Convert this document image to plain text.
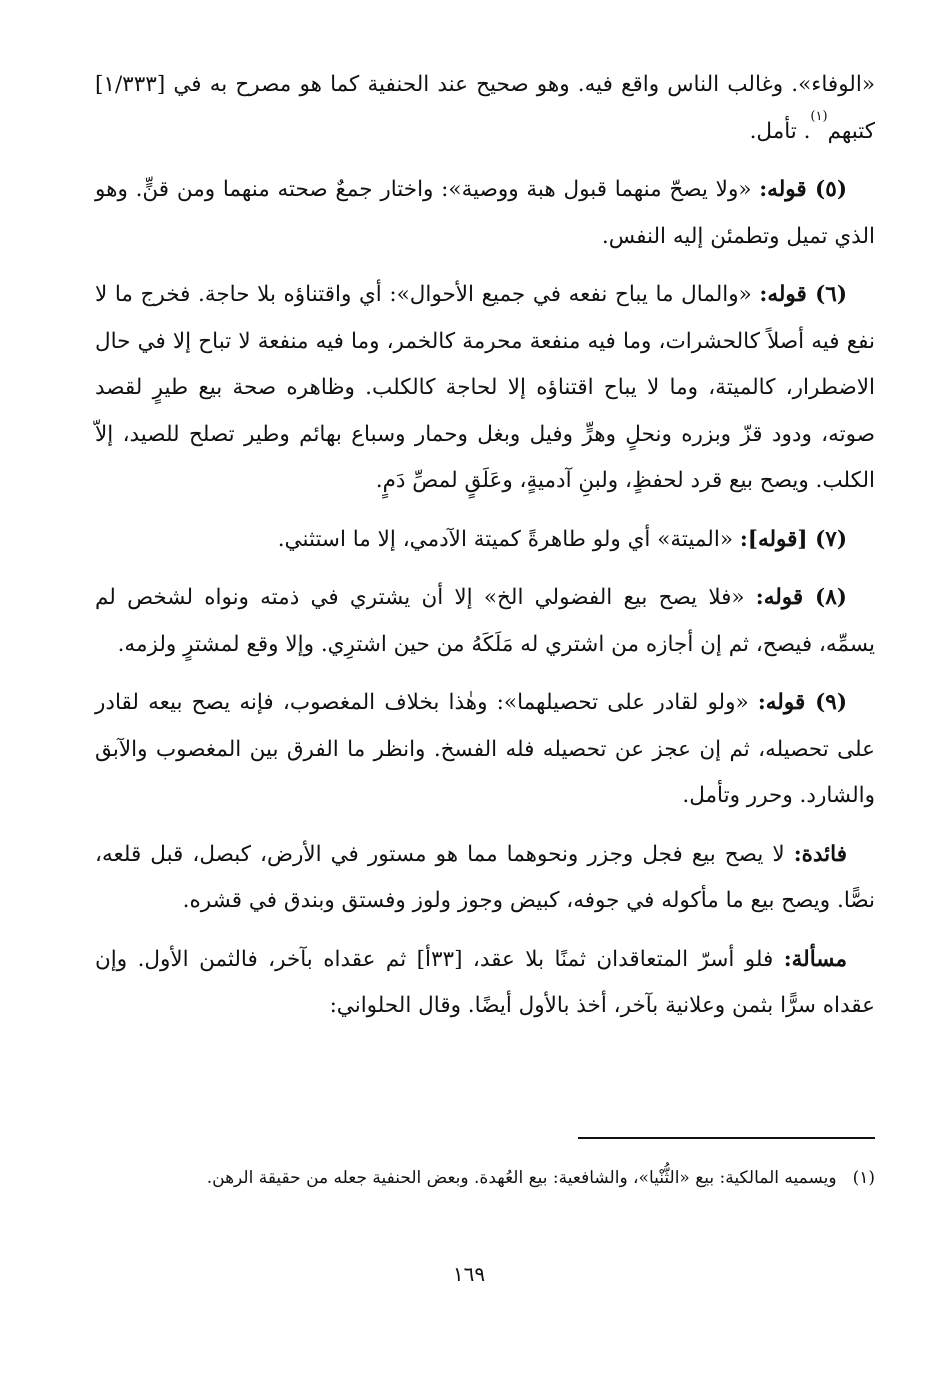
«الوفاء». وغالب الناس واقع فيه. وهو صحيح عند الحنفية كما هو مصرح به في [١/٣٣٣] كتبهم$^{(١)}$. تأمل.

(٥) قوله: «ولا يصحّ منهما قبول هبة ووصية»: واختار جمعٌ صحته منهما ومن قنٍّ. وهو الذي تميل وتطمئن إليه النفس.

(٦) قوله: «والمال ما يباح نفعه في جميع الأحوال»: أي واقتناؤه بلا حاجة. فخرج ما لا نفع فيه أصلاً كالحشرات، وما فيه منفعة محرمة كالخمر، وما فيه منفعة لا تباح إلا في حال الاضطرار، كالميتة، وما لا يباح اقتناؤه إلا لحاجة كالكلب. وظاهره صحة بيع طيرٍ لقصد صوته، ودود قزّ وبزره ونحلٍ وهرٍّ وفيل وبغل وحمار وسباع بهائم وطير تصلح للصيد، إلاّ الكلب. ويصح بيع قرد لحفظٍ، ولبنِ آدميةٍ، وعَلَقٍ لمصِّ دَمٍ.

(٧) [قوله]: «الميتة» أي ولو طاهرةً كميتة الآدمي، إلا ما استثني.

(٨) قوله: «فلا يصح بيع الفضولي الخ» إلا أن يشتري في ذمته ونواه لشخص لم يسمِّه، فيصح، ثم إن أجازه من اشتري له مَلَكَهُ من حين اشترِي. وإلا وقع لمشترٍ ولزمه.

(٩) قوله: «ولو لقادر على تحصيلهما»: وهٰذا بخلاف المغصوب، فإنه يصح بيعه لقادر على تحصيله، ثم إن عجز عن تحصيله فله الفسخ. وانظر ما الفرق بين المغصوب والآبق والشارد. وحرر وتأمل.

فائدة: لا يصح بيع فجل وجزر ونحوهما مما هو مستور في الأرض، كبصل، قبل قلعه، نصًّا. ويصح بيع ما مأكوله في جوفه، كبيض وجوز ولوز وفستق وبندق في قشره.

مسألة: فلو أسرّ المتعاقدان ثمنًا بلا عقد، [٣٣أ] ثم عقداه بآخر، فالثمن الأول. وإن عقداه سرًّا بثمن وعلانية بآخر، أخذ بالأول أيضًا. وقال الحلواني:

(١)ويسميه المالكية: بيع «الثُّنْيا»، والشافعية: بيع العُهدة. وبعض الحنفية جعله من حقيقة الرهن.
١٦٩
